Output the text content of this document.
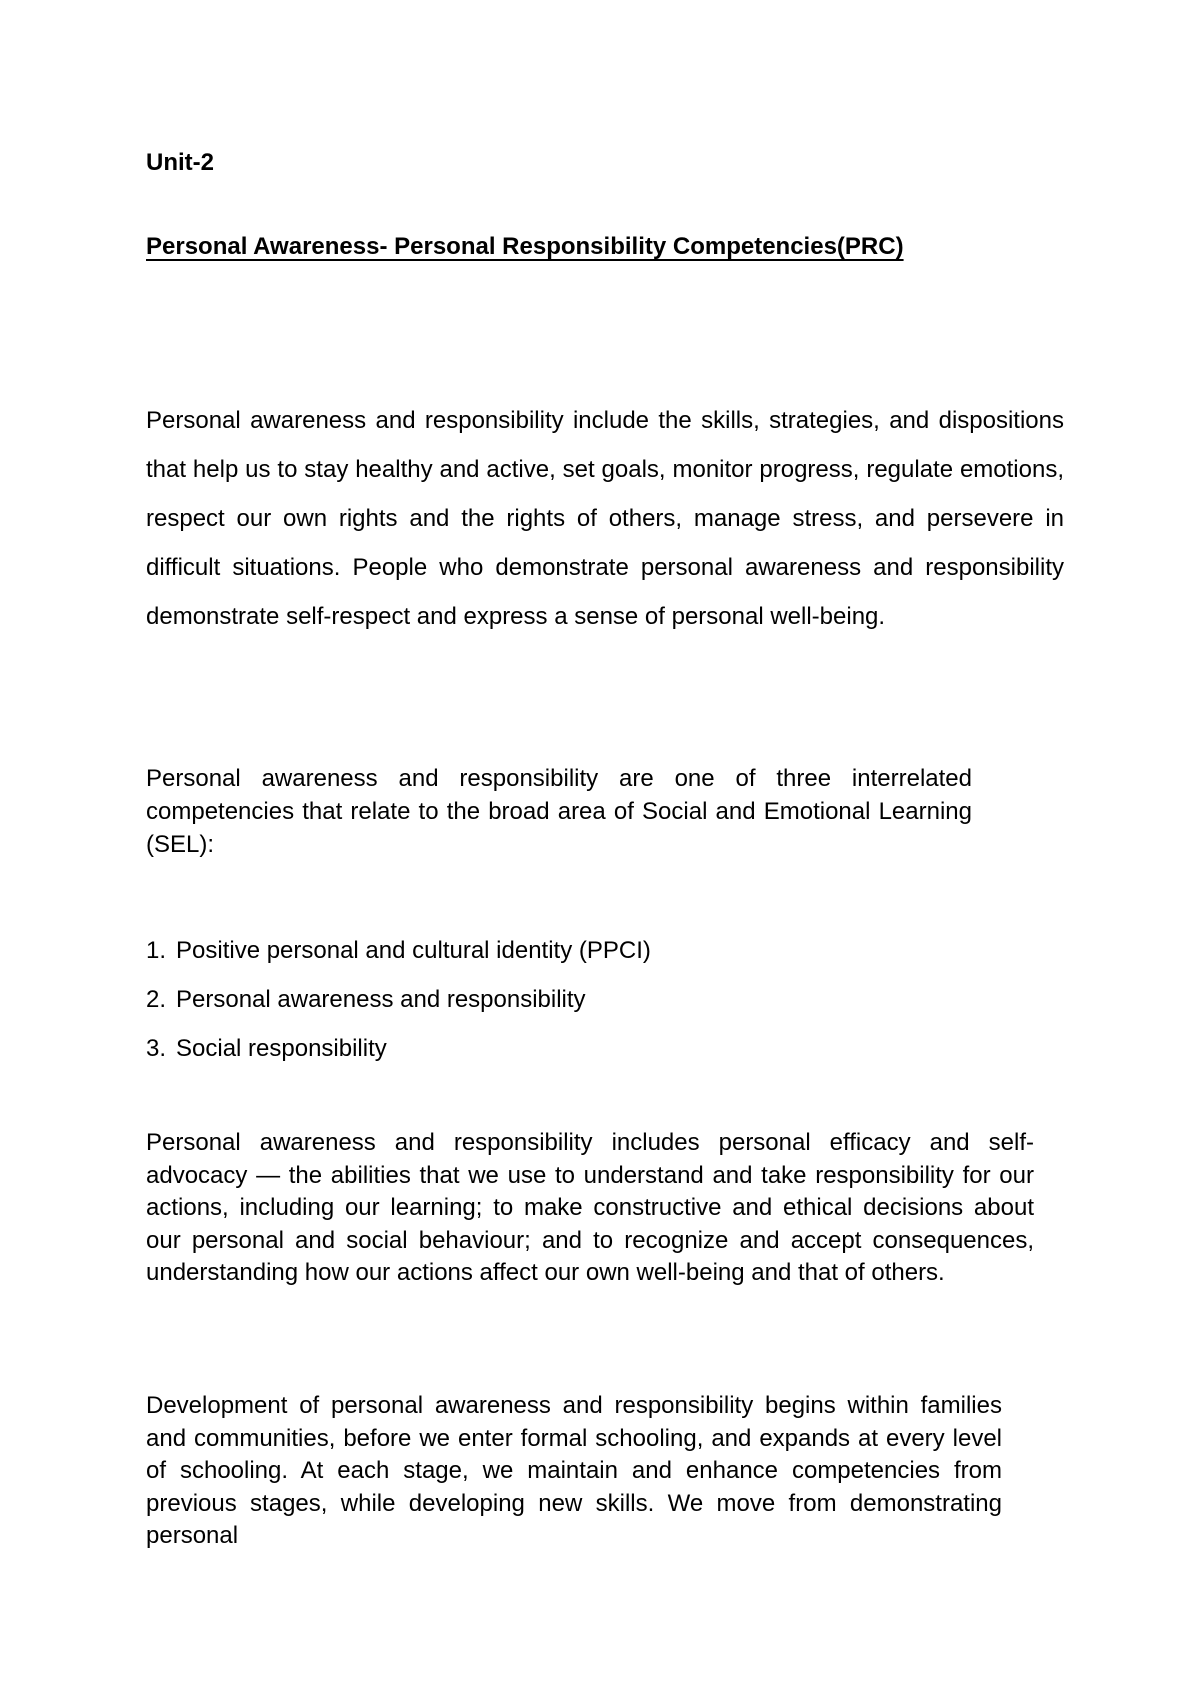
Unit-2
Personal Awareness- Personal Responsibility Competencies(PRC)

Personal awareness and responsibility include the skills, strategies, and dispositions that help us to stay healthy and active, set goals, monitor progress, regulate emotions, respect our own rights and the rights of others, manage stress, and persevere in difficult situations. People who demonstrate personal awareness and responsibility demonstrate self-respect and express a sense of personal well-being.

Personal awareness and responsibility are one of three interrelated competencies that relate to the broad area of Social and Emotional Learning (SEL):

1. Positive personal and cultural identity (PPCI)
2. Personal awareness and responsibility
3. Social responsibility

Personal awareness and responsibility includes personal efficacy and self-advocacy — the abilities that we use to understand and take responsibility for our actions, including our learning; to make constructive and ethical decisions about our personal and social behaviour; and to recognize and accept consequences, understanding how our actions affect our own well-being and that of others.

Development of personal awareness and responsibility begins within families and communities, before we enter formal schooling, and expands at every level of schooling. At each stage, we maintain and enhance competencies from previous stages, while developing new skills. We move from demonstrating personal
